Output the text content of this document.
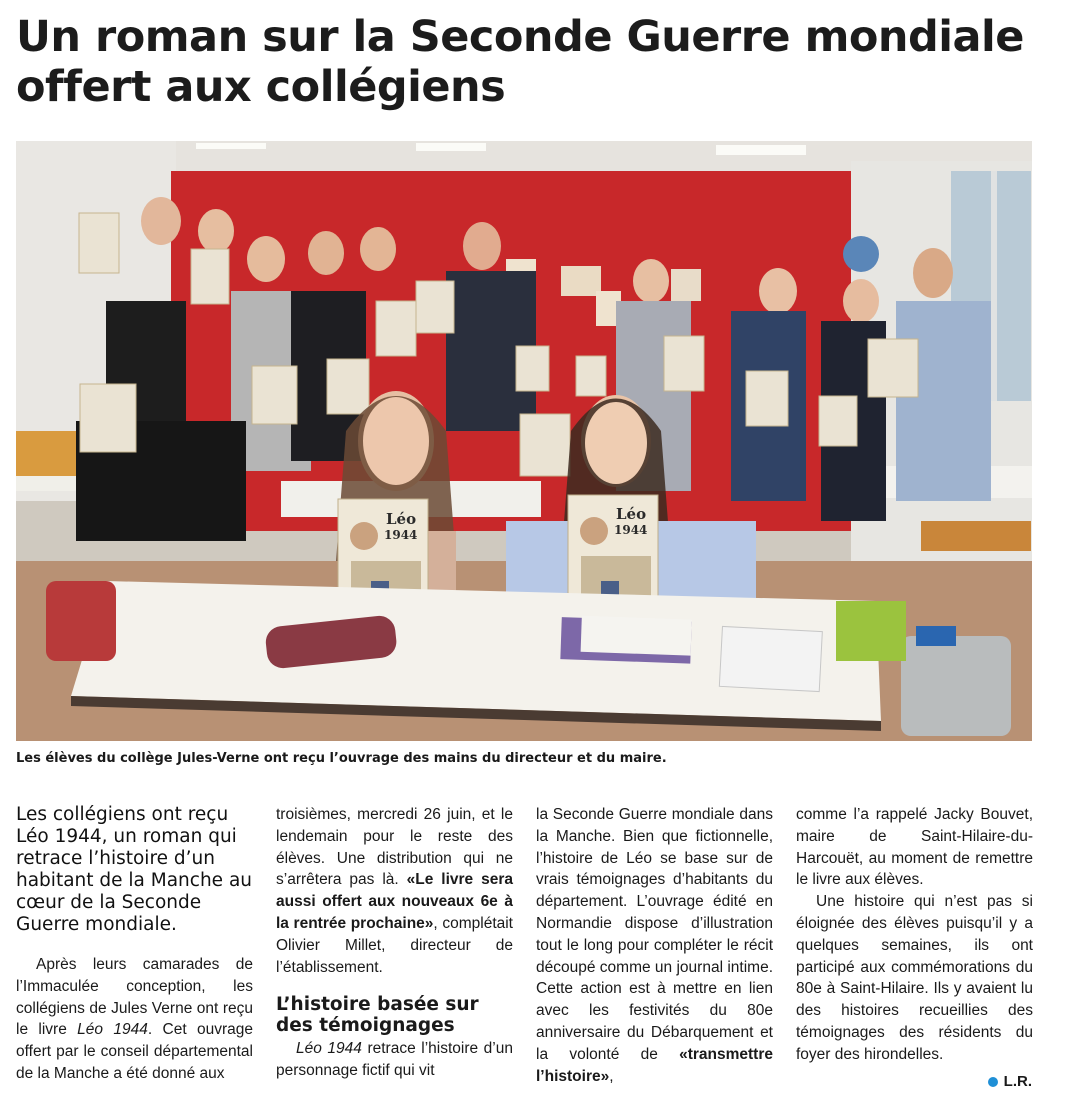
Un roman sur la Seconde Guerre mondiale
offert aux collégiens
Léo
1944
Léo
1944
Les élèves du collège Jules-Verne ont reçu l’ouvrage des mains du directeur et du maire.

Les collégiens ont reçu Léo 1944, un roman qui retrace l’histoire d’un habitant de la Manche au cœur de la Seconde Guerre mondiale.

Après leurs camarades de l’Immaculée conception, les collégiens de Jules Verne ont reçu le livre Léo 1944. Cet ouvrage offert par le conseil départemental de la Manche a été donné aux

troisièmes, mercredi 26 juin, et le lendemain pour le reste des élèves. Une distribution qui ne s’arrêtera pas là. «Le livre sera aussi offert aux nouveaux 6e à la rentrée prochaine», complétait Olivier Millet, directeur de l’établissement.

L’histoire basée sur des témoignages

Léo 1944 retrace l’histoire d’un personnage fictif qui vit

la Seconde Guerre mondiale dans la Manche. Bien que fictionnelle, l’histoire de Léo se base sur de vrais témoignages d’habitants du département. L’ouvrage édité en Normandie dispose d’illustration tout le long pour compléter le récit découpé comme un journal intime. Cette action est à mettre en lien avec les festivités du 80e anniversaire du Débarquement et la volonté de «transmettre l’histoire»,

comme l’a rappelé Jacky Bouvet, maire de Saint-Hilaire-du-Harcouët, au moment de remettre le livre aux élèves.

Une histoire qui n’est pas si éloignée des élèves puisqu’il y a quelques semaines, ils ont participé aux commémorations du 80e à Saint-Hilaire. Ils y avaient lu des histoires recueillies des témoignages des résidents du foyer des hirondelles.

L.R.
